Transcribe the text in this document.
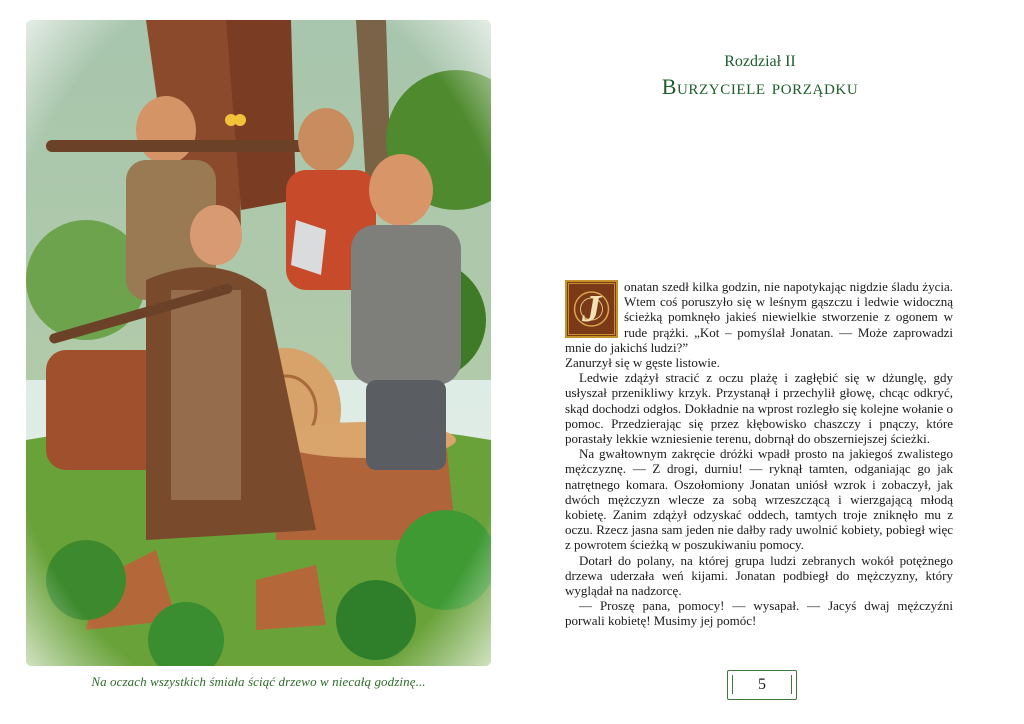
Na oczach wszystkich śmiała ściąć drzewo w niecałą godzinę...
Rozdział II
Burzyciele porządku
J

onatan szedł kilka godzin, nie napotykając nigdzie śladu życia. Wtem coś poruszyło się w leśnym gąszczu i ledwie widoczną ścieżką pomknęło jakieś niewielkie stworzenie z ogonem w rude prążki. „Kot – pomyślał Jonatan. — Może zaprowadzi mnie do jakichś ludzi?”

Zanurzył się w gęste listowie.

Ledwie zdążył stracić z oczu plażę i zagłębić się w dżunglę, gdy usłyszał przenikliwy krzyk. Przystanął i przechylił głowę, chcąc odkryć, skąd dochodzi odgłos. Dokładnie na wprost rozległo się kolejne wołanie o pomoc. Przedzierając się przez kłębowisko chaszczy i pnączy, które porastały lekkie wzniesienie terenu, dobrnął do obszerniejszej ścieżki.

Na gwałtownym zakręcie dróżki wpadł prosto na jakiegoś zwalistego mężczyznę. — Z drogi, durniu! — ryknął tamten, odganiając go jak natrętnego komara. Oszołomiony Jonatan uniósł wzrok i zobaczył, jak dwóch mężczyzn wlecze za sobą wrzeszczącą i wierzgającą młodą kobietę. Zanim zdążył odzyskać oddech, tamtych troje zniknęło mu z oczu. Rzecz jasna sam jeden nie dałby rady uwolnić kobiety, pobiegł więc z powrotem ścieżką w poszukiwaniu pomocy.

Dotarł do polany, na której grupa ludzi zebranych wokół potężnego drzewa uderzała weń kijami. Jonatan podbiegł do mężczyzny, który wyglądał na nadzorcę.

— Proszę pana, pomocy! — wysapał. — Jacyś dwaj mężczyźni porwali kobietę! Musimy jej pomóc!

5
